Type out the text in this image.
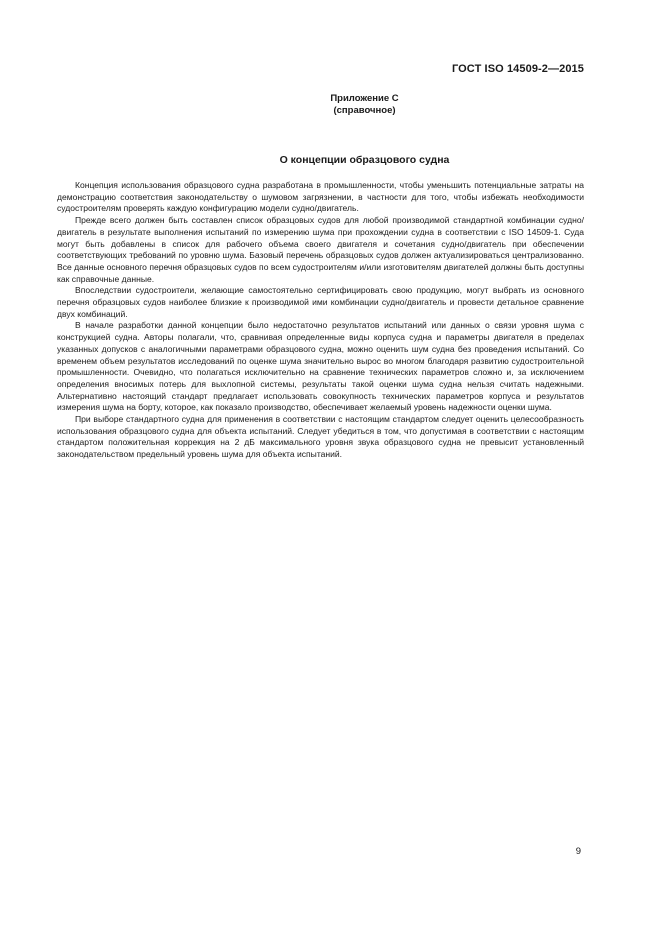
ГОСТ ISO 14509-2—2015
Приложение С
(справочное)
О концепции образцового судна

Концепция использования образцового судна разработана в промышленности, чтобы уменьшить потенциальные затраты на демонстрацию соответствия законодательству о шумовом загрязнении, в частности для того, чтобы избежать необходимости судостроителям проверять каждую конфигурацию модели судно/двигатель.

Прежде всего должен быть составлен список образцовых судов для любой производимой стандартной комбинации судно/двигатель в результате выполнения испытаний по измерению шума при прохождении судна в соответствии с ISO 14509-1. Суда могут быть добавлены в список для рабочего объема своего двигателя и сочетания судно/двигатель при обеспечении соответствующих требований по уровню шума. Базовый перечень образцовых судов должен актуализироваться централизованно. Все данные основного перечня образцовых судов по всем судостроителям и/или изготовителям двигателей должны быть доступны как справочные данные.

Впоследствии судостроители, желающие самостоятельно сертифицировать свою продукцию, могут выбрать из основного перечня образцовых судов наиболее близкие к производимой ими комбинации судно/двигатель и провести детальное сравнение двух комбинаций.

В начале разработки данной концепции было недостаточно результатов испытаний или данных о связи уровня шума с конструкцией судна. Авторы полагали, что, сравнивая определенные виды корпуса судна и параметры двигателя в пределах указанных допусков с аналогичными параметрами образцового судна, можно оценить шум судна без проведения испытаний. Со временем объем результатов исследований по оценке шума значительно вырос во многом благодаря развитию судостроительной промышленности. Очевидно, что полагаться исключительно на сравнение технических параметров сложно и, за исключением определения вносимых потерь для выхлопной системы, результаты такой оценки шума судна нельзя считать надежными. Альтернативно настоящий стандарт предлагает использовать совокупность технических параметров корпуса и результатов измерения шума на борту, которое, как показало производство, обеспечивает желаемый уровень надежности оценки шума.

При выборе стандартного судна для применения в соответствии с настоящим стандартом следует оценить целесообразность использования образцового судна для объекта испытаний. Следует убедиться в том, что допустимая в соответствии с настоящим стандартом положительная коррекция на 2 дБ максимального уровня звука образцового судна не превысит установленный законодательством предельный уровень шума для объекта испытаний.

9
